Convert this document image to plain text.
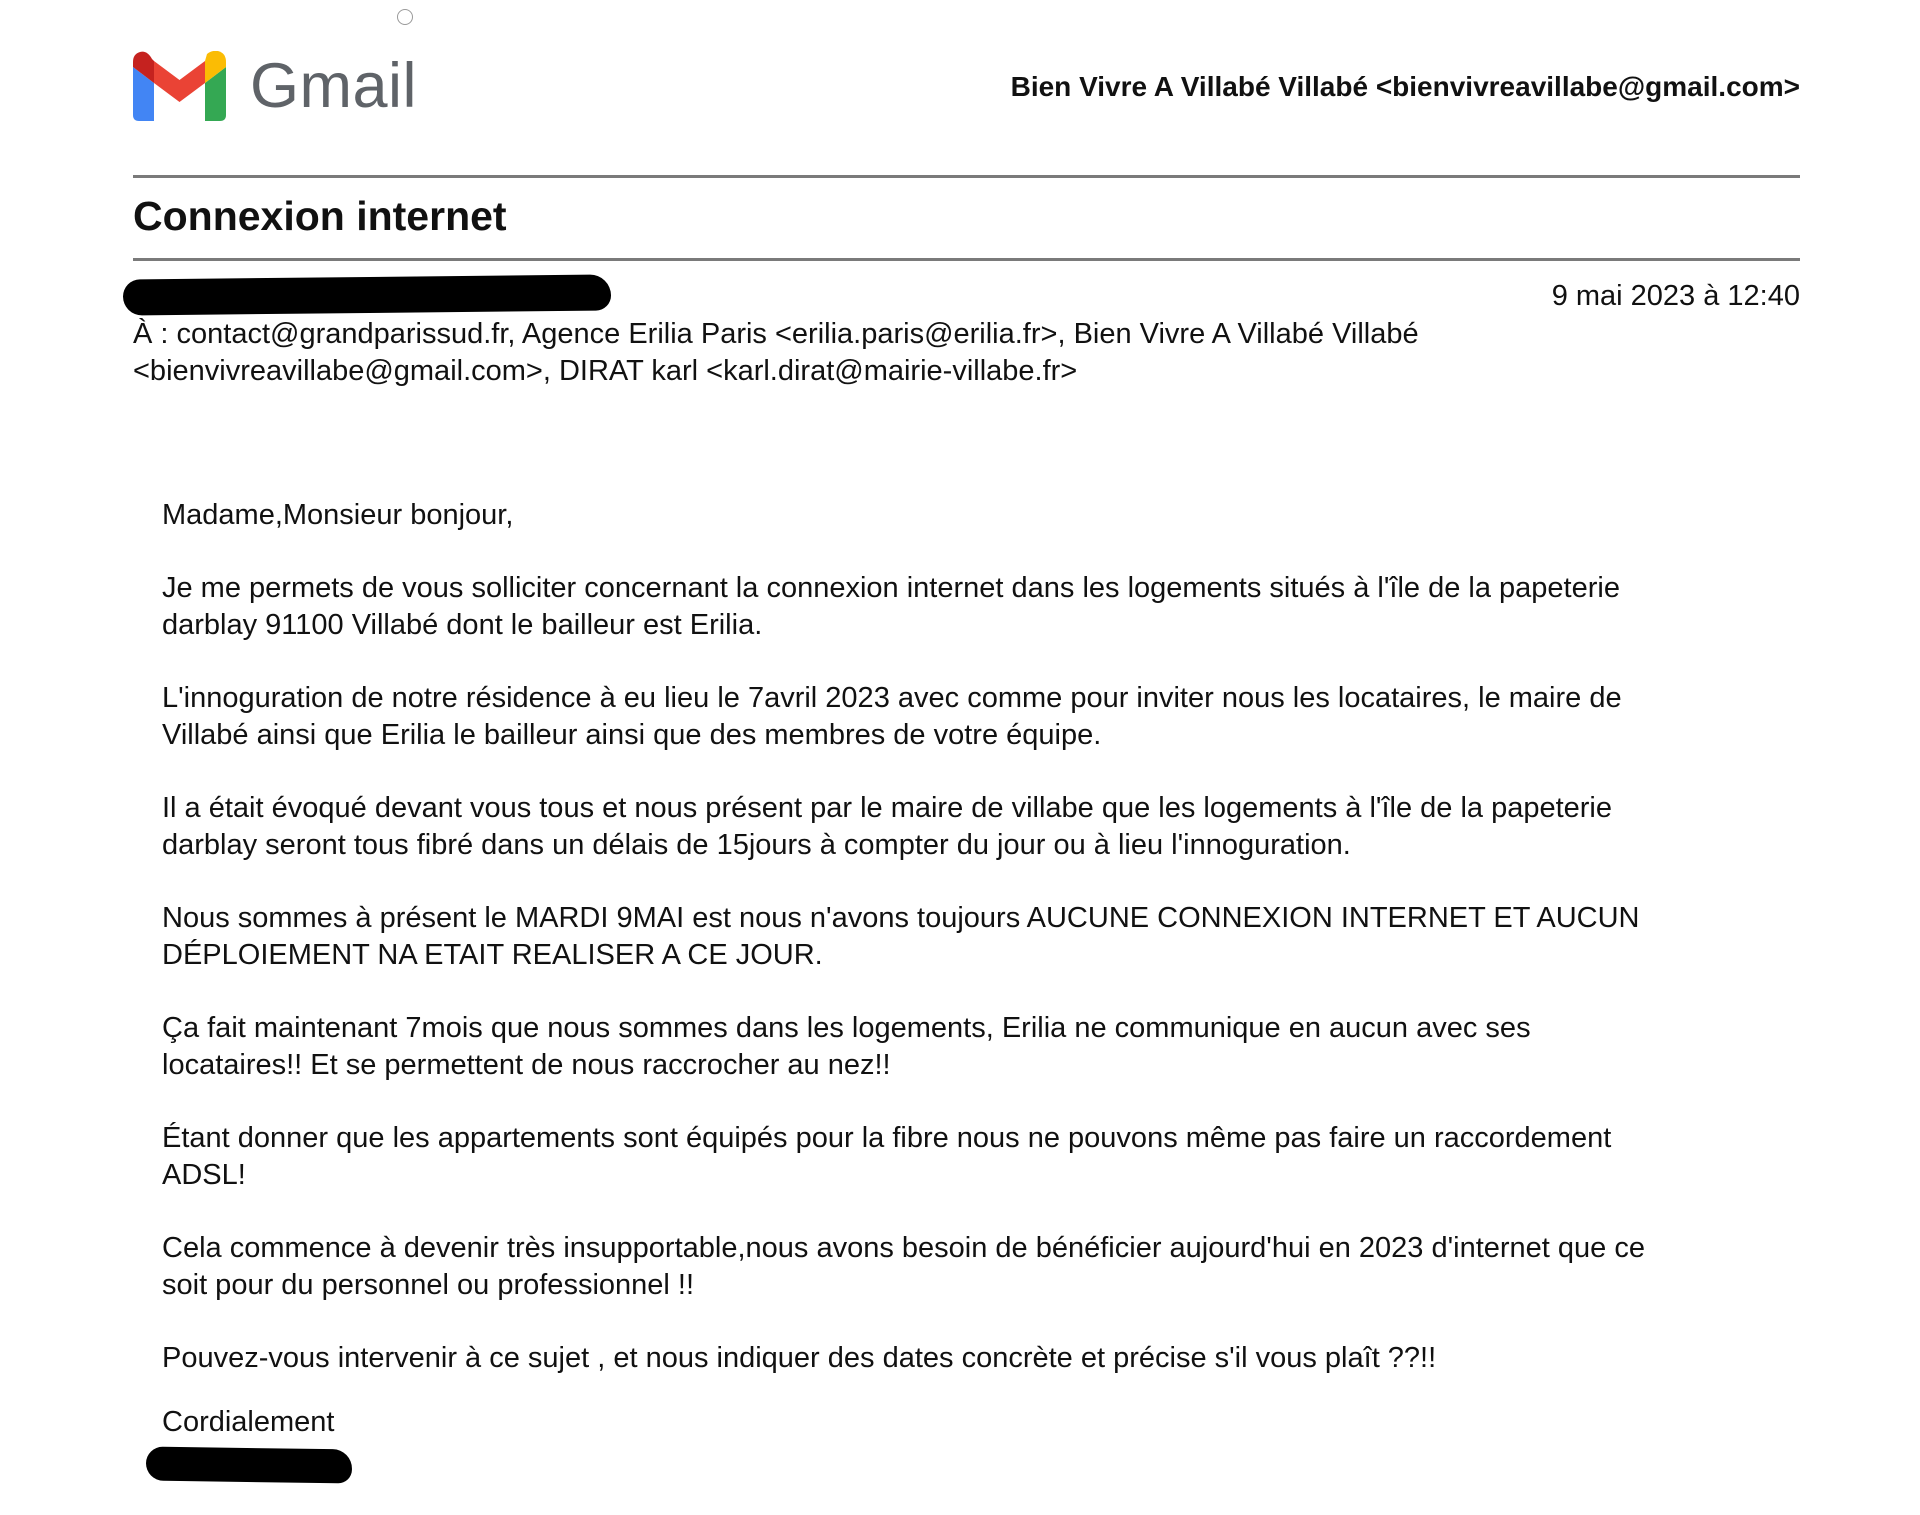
Gmail	Bien Vivre A Villabé Villabé <bienvivreavillabe@gmail.com>
Connexion internet
9 mai 2023 à 12:40
À : contact@grandparissud.fr, Agence Erilia Paris <erilia.paris@erilia.fr>, Bien Vivre A Villabé Villabé
<bienvivreavillabe@gmail.com>, DIRAT karl <karl.dirat@mairie-villabe.fr>

Madame,Monsieur bonjour,

Je me permets de vous solliciter concernant la connexion internet dans les logements situés à l'île de la papeterie
darblay 91100 Villabé dont le bailleur est Erilia.

L'innoguration de notre résidence à eu lieu le 7avril 2023 avec comme pour inviter nous les locataires, le maire de
Villabé ainsi que Erilia le bailleur ainsi que des membres de votre équipe.

Il a était évoqué devant vous tous et nous présent par le maire de villabe que les logements à l'île de la papeterie
darblay seront tous fibré dans un délais de 15jours à compter du jour ou à lieu l'innoguration.

Nous sommes à présent le MARDI 9MAI est nous n'avons toujours AUCUNE CONNEXION INTERNET ET AUCUN
DÉPLOIEMENT NA ETAIT REALISER A CE JOUR.

Ça fait maintenant 7mois que nous sommes dans les logements, Erilia ne communique en aucun avec ses
locataires!! Et se permettent de nous raccrocher au nez!!

Étant donner que les appartements sont équipés pour la fibre nous ne pouvons même pas faire un raccordement
ADSL!

Cela commence à devenir très insupportable,nous avons besoin de bénéficier aujourd'hui en 2023 d'internet que ce
soit pour du personnel ou professionnel !!

Pouvez-vous intervenir à ce sujet , et nous indiquer des dates concrète et précise s'il vous plaît ??!!

Cordialement
